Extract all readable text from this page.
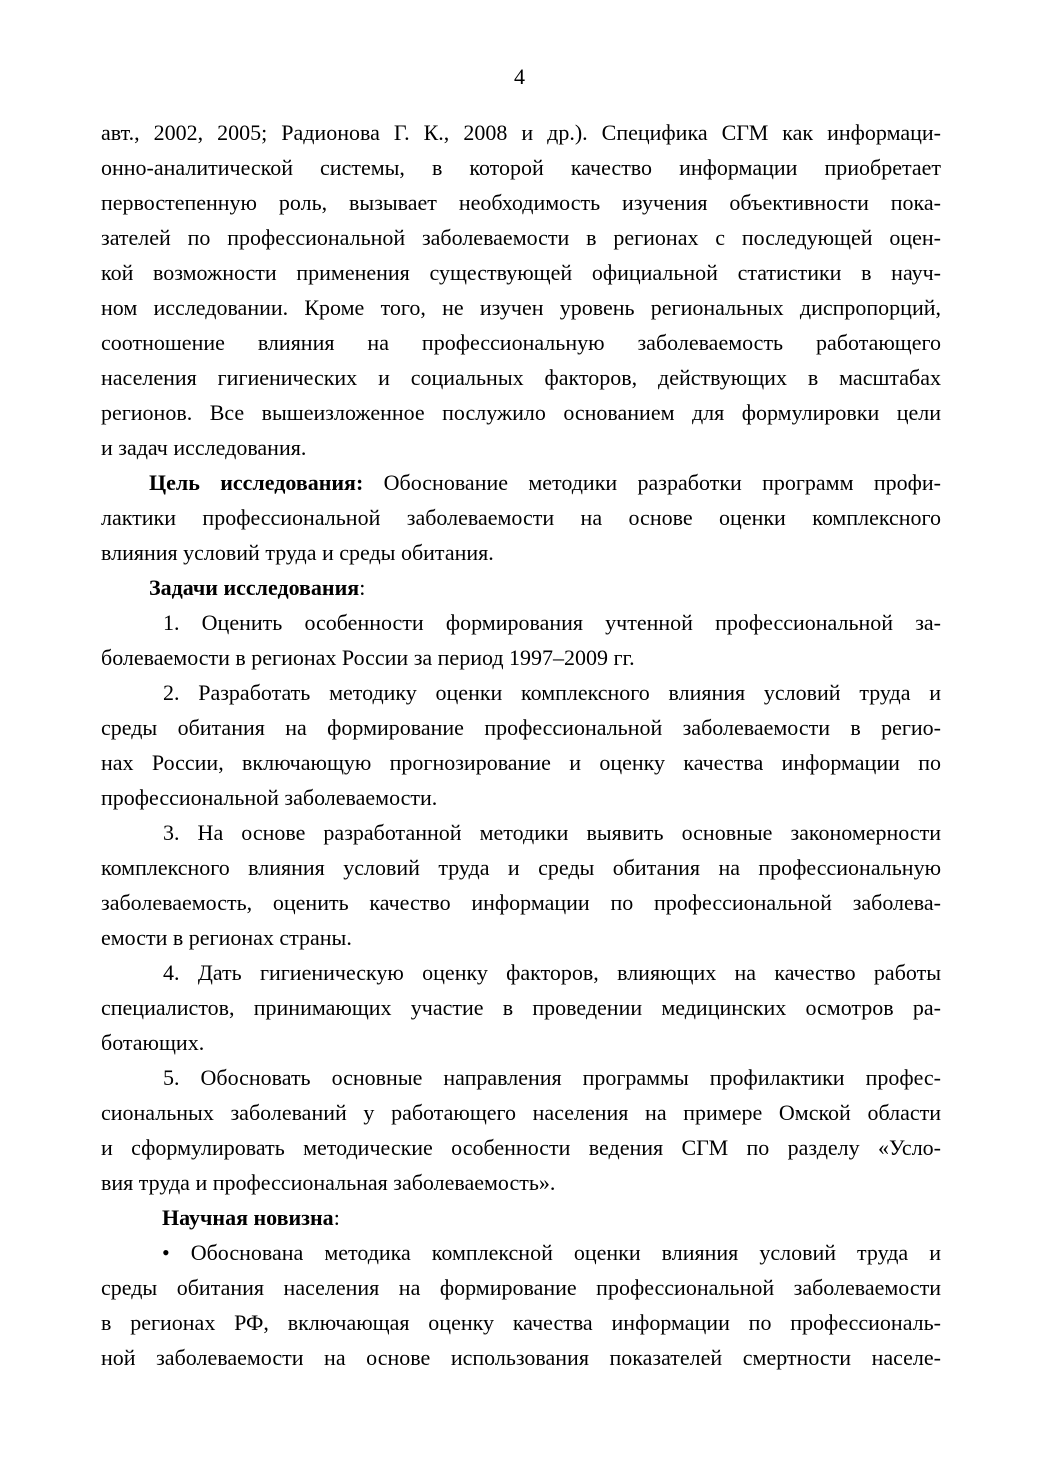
4
авт., 2002, 2005; Радионова Г. К., 2008 и др.). Специфика СГМ как информаци-
онно-аналитической системы, в которой качество информации приобретает
первостепенную роль, вызывает необходимость изучения объективности пока-
зателей по профессиональной заболеваемости в регионах с последующей оцен-
кой возможности применения существующей официальной статистики в науч-
ном исследовании. Кроме того, не изучен уровень региональных диспропорций,
соотношение влияния на профессиональную заболеваемость работающего
населения гигиенических и социальных факторов, действующих в масштабах
регионов. Все вышеизложенное послужило основанием для формулировки цели
и задач исследования.
Цель исследования: Обоснование методики разработки программ профи-
лактики профессиональной заболеваемости на основе оценки комплексного
влияния условий труда и среды обитания.
Задачи исследования:
1. Оценить особенности формирования учтенной профессиональной за-
болеваемости в регионах России за период 1997–2009 гг.
2. Разработать методику оценки комплексного влияния условий труда и
среды обитания на формирование профессиональной заболеваемости в регио-
нах России, включающую прогнозирование и оценку качества информации по
профессиональной заболеваемости.
3. На основе разработанной методики выявить основные закономерности
комплексного влияния условий труда и среды обитания на профессиональную
заболеваемость, оценить качество информации по профессиональной заболева-
емости в регионах страны.
4. Дать гигиеническую оценку факторов, влияющих на качество работы
специалистов, принимающих участие в проведении медицинских осмотров ра-
ботающих.
5. Обосновать основные направления программы профилактики профес-
сиональных заболеваний у работающего населения на примере Омской области
и сформулировать методические особенности ведения СГМ по разделу «Усло-
вия труда и профессиональная заболеваемость».
Научная новизна:
• Обоснована методика комплексной оценки влияния условий труда и
среды обитания населения на формирование профессиональной заболеваемости
в регионах РФ, включающая оценку качества информации по профессиональ-
ной заболеваемости на основе использования показателей смертности населе-
